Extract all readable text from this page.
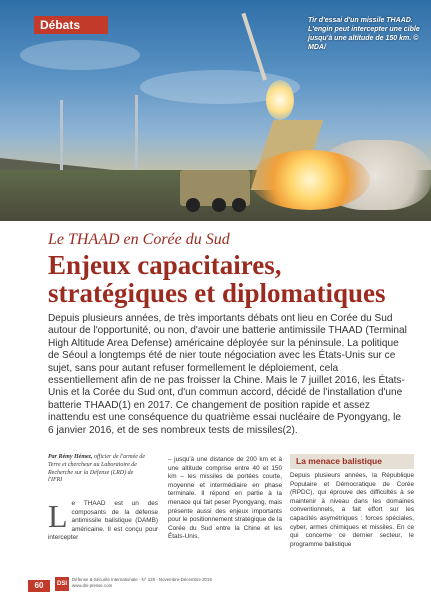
Débats	Tir d'essai d'un missile THAAD. L'engin peut intercepter une cible jusqu'à une altitude de 150 km. © MDA/
Le THAAD en Corée du Sud
Enjeux capacitaires, stratégiques et diplomatiques
Depuis plusieurs années, de très importants débats ont lieu en Corée du Sud autour de l'opportunité, ou non, d'avoir une batterie antimissile THAAD (Terminal High Altitude Area Defense) américaine déployée sur la péninsule. La politique de Séoul a longtemps été de nier toute négociation avec les États-Unis sur ce sujet, sans pour autant refuser formellement le déploiement, cela essentiellement afin de ne pas froisser la Chine. Mais le 7 juillet 2016, les États-Unis et la Corée du Sud ont, d'un commun accord, décidé de l'installation d'une batterie THAAD(1) en 2017. Ce changement de position rapide et assez inattendu est une conséquence du quatrième essai nucléaire de Pyongyang, le 6 janvier 2016, et de ses nombreux tests de missiles(2).
Par Rémy Hémez, officier de l'armée de Terre et chercheur au Laboratoire de Recherche sur la Défense (LRD) de l'IFRI
L e THAAD est un des composants de la défense antimissile balistique (DAMB) américaine. Il est conçu pour intercepter
– jusqu'à une distance de 200 km et à une altitude comprise entre 40 et 150 km – les missiles de portées courte, moyenne et intermédiaire en phase terminale. Il répond en partie à la menace qui fait peser Pyongyang, mais présente aussi des enjeux importants pour le positionnement stratégique de la Corée du Sud entre la Chine et les États-Unis.
La menace balistique
Depuis plusieurs années, la République Populaire et Démocratique de Corée (RPDC), qui éprouve des difficultés à se maintenir à niveau dans les domaines conventionnels, a fait effort sur les capacités asymétriques : forces spéciales, cyber, armes chimiques et missiles. En ce qui concerne ce dernier secteur, le programme balistique
60	DSI
Défense & Sécurité Internationale · N° 126 · Novembre-Décembre 2016
www.dsi-presse.com
